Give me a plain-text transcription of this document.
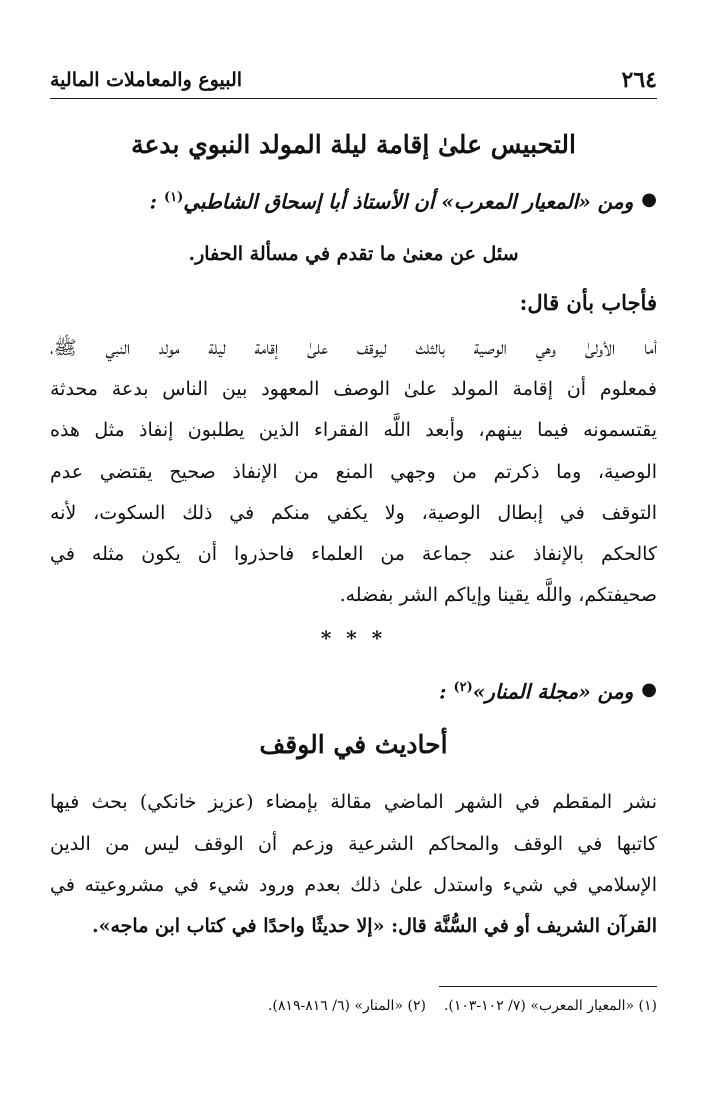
٢٦٤
البيوع والمعاملات المالية
التحبيس علىٰ إقامة ليلة المولد النبوي بدعة
●
ومن «المعيار المعرب» أن الأستاذ أبا إسحاق الشاطبي$^{(١)}$ :
سئل عن معنىٰ ما تقدم في مسألة الحفار.
فأجاب بأن قال:
أما الأولىٰ وهي الوصية بالثلث ليوقف علىٰ إقامة ليلة مولد النبي ﷺ،
فمعلوم أن إقامة المولد علىٰ الوصف المعهود بين الناس بدعة محدثة
يقتسمونه فيما بينهم، وأبعد اللَّه الفقراء الذين يطلبون إنفاذ مثل هذه
الوصية، وما ذكرتم من وجهي المنع من الإنفاذ صحيح يقتضي عدم
التوقف في إبطال الوصية، ولا يكفي منكم في ذلك السكوت، لأنه
كالحكم بالإنفاذ عند جماعة من العلماء فاحذروا أن يكون مثله في
صحيفتكم، واللَّه يقينا وإياكم الشر بفضله.
* * *
●
ومن «مجلة المنار»$^{(٢)}$ :
أحاديث في الوقف
نشر المقطم في الشهر الماضي مقالة بإمضاء (عزيز خانكي) بحث فيها
كاتبها في الوقف والمحاكم الشرعية وزعم أن الوقف ليس من الدين
الإسلامي في شيء واستدل علىٰ ذلك بعدم ورود شيء في مشروعيته في
القرآن الشريف أو في السُّنَّة قال: «إلا حديثًا واحدًا في كتاب ابن ماجه».
(١) «المعيار المعرب» (٧/ ١٠٢-١٠٣).
(٢) «المنار» (٦/ ٨١٦-٨١٩).
